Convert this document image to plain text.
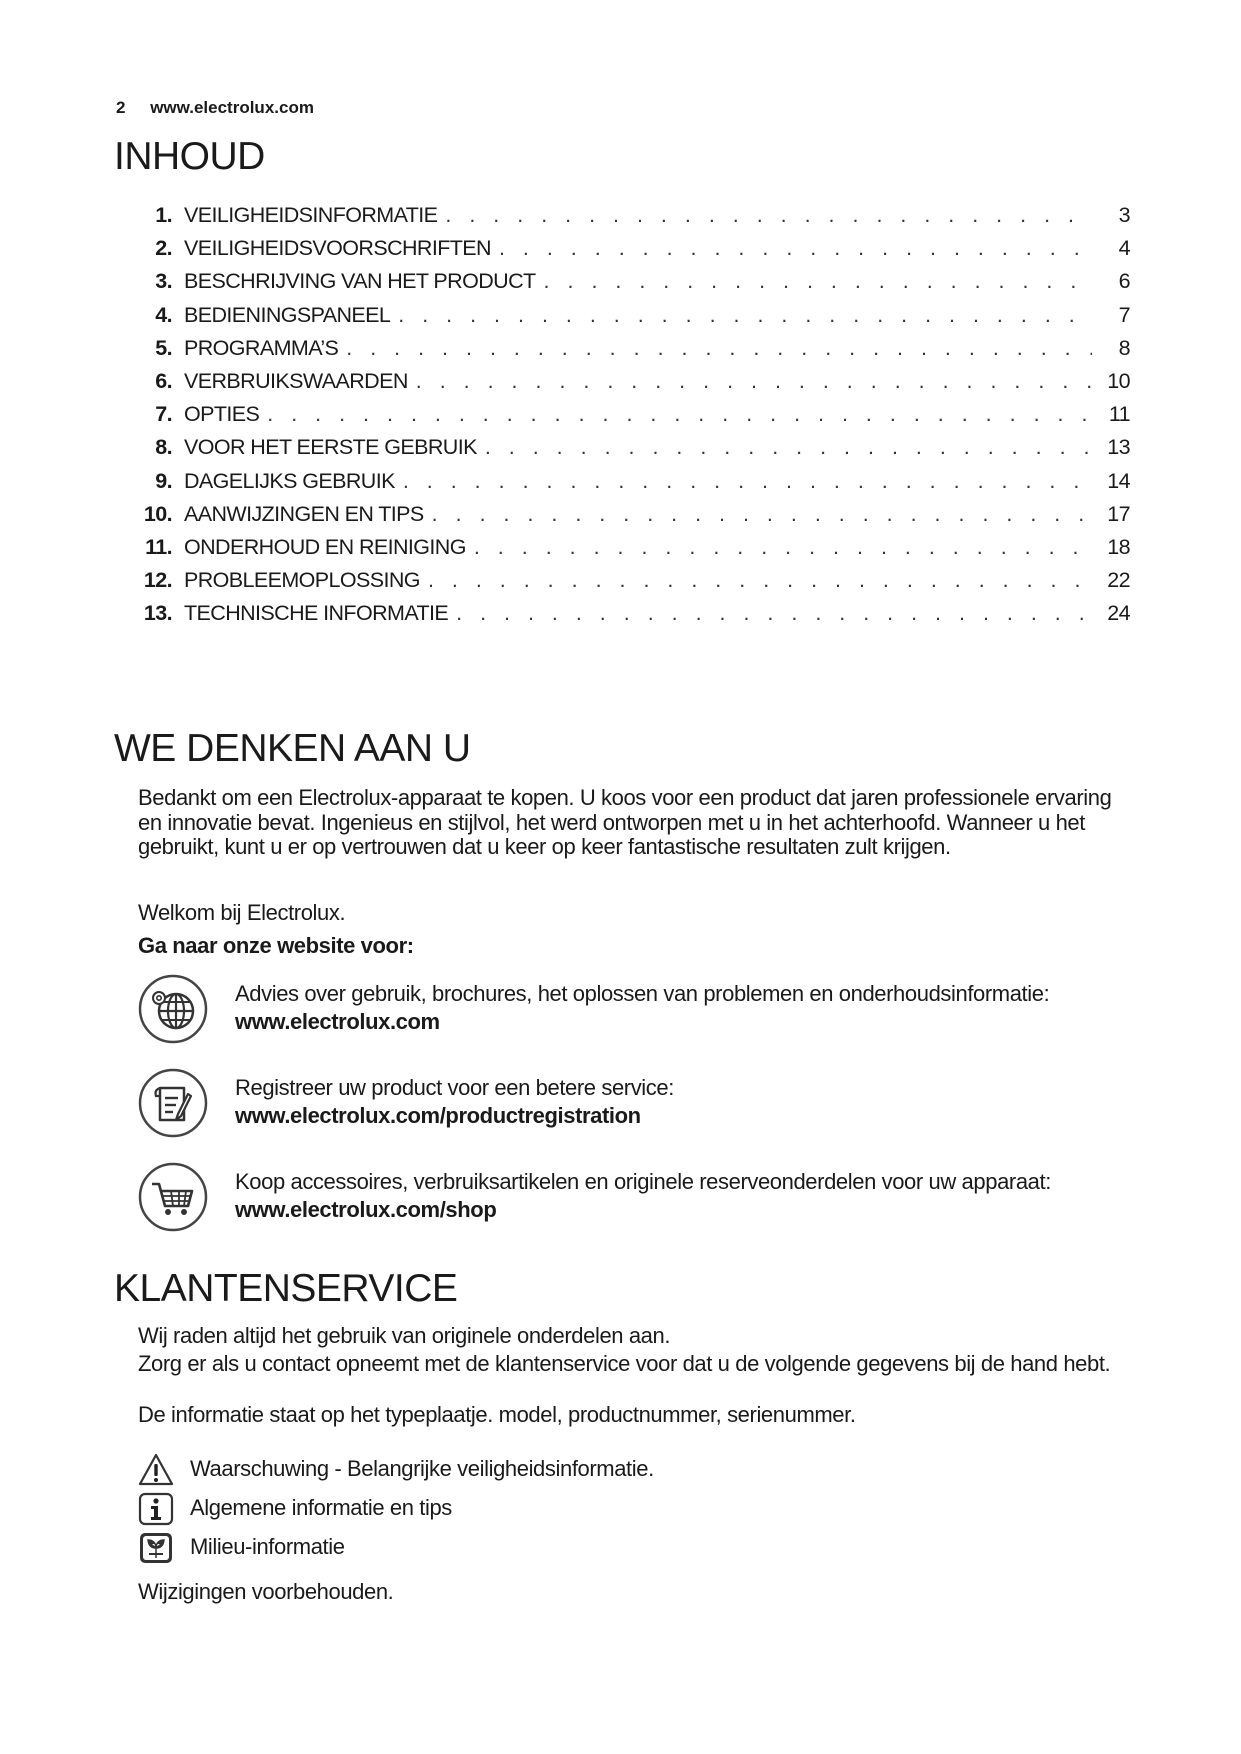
2 www.electrolux.com
INHOUD
1. VEILIGHEIDSINFORMATIE . . .	3
2. VEILIGHEIDSVOORSCHRIFTEN . . .	4
3. BESCHRIJVING VAN HET PRODUCT . . .	6
4. BEDIENINGSPANEEL . . .	7
5. PROGRAMMA’S . . .	8
6. VERBRUIKSWAARDEN . . .	10
7. OPTIES . . .	11
8. VOOR HET EERSTE GEBRUIK . . .	13
9. DAGELIJKS GEBRUIK . . .	14
10. AANWIJZINGEN EN TIPS . . .	17
11. ONDERHOUD EN REINIGING . . .	18
12. PROBLEEMOPLOSSING . . .	22
13. TECHNISCHE INFORMATIE . . .	24
WE DENKEN AAN U

Bedankt om een Electrolux-apparaat te kopen. U koos voor een product dat jaren professionele ervaring en innovatie bevat. Ingenieus en stijlvol, het werd ontworpen met u in het achterhoofd. Wanneer u het gebruikt, kunt u er op vertrouwen dat u keer op keer fantastische resultaten zult krijgen.

Welkom bij Electrolux.

Ga naar onze website voor:

Advies over gebruik, brochures, het oplossen van problemen en onderhoudsinformatie:
www.electrolux.com
Registreer uw product voor een betere service:
www.electrolux.com/productregistration
Koop accessoires, verbruiksartikelen en originele reserveonderdelen voor uw apparaat:
www.electrolux.com/shop
KLANTENSERVICE

Wij raden altijd het gebruik van originele onderdelen aan.

Zorg er als u contact opneemt met de klantenservice voor dat u de volgende gegevens bij de hand hebt.

De informatie staat op het typeplaatje. model, productnummer, serienummer.

Waarschuwing - Belangrijke veiligheidsinformatie.
Algemene informatie en tips
Milieu-informatie

Wijzigingen voorbehouden.
